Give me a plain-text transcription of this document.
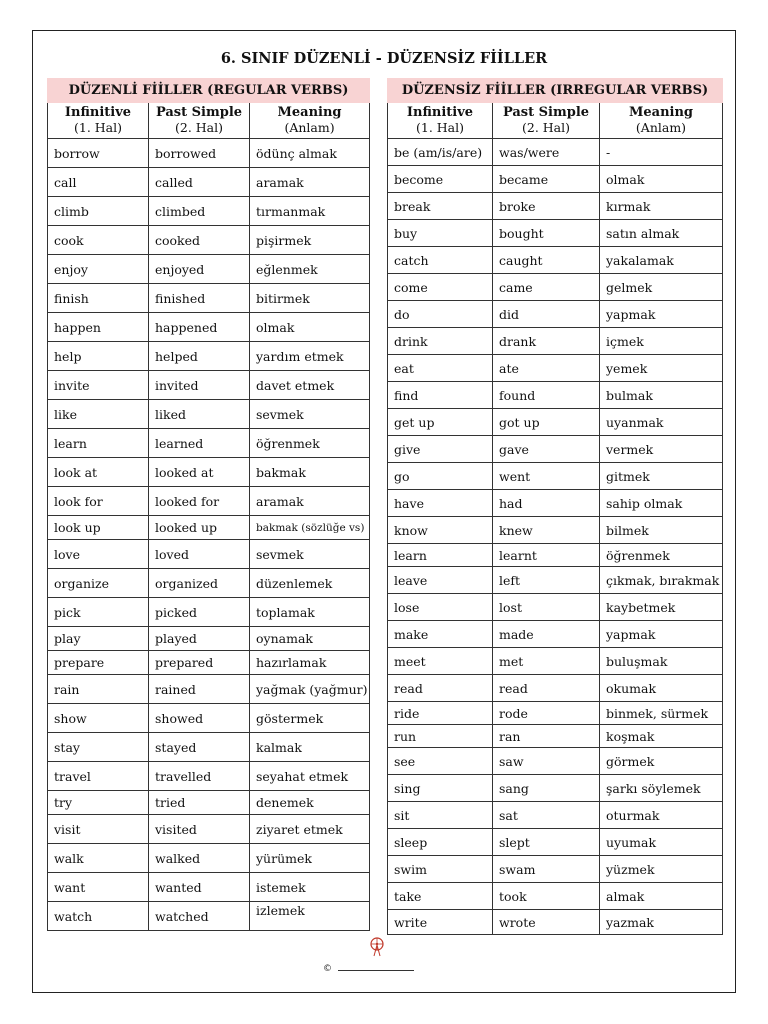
6. SINIF DÜZENLİ - DÜZENSİZ FİİLLER
DÜZENLİ FİİLLER (REGULAR VERBS)		

Infinitive
(1. Hal)	Past Simple
(2. Hal)	Meaning
(Anlam)

borrow	borrowed	ödünç almak
call	called	aramak
climb	climbed	tırmanmak
cook	cooked	pişirmek
enjoy	enjoyed	eğlenmek
finish	finished	bitirmek
happen	happened	olmak
help	helped	yardım etmek
invite	invited	davet etmek
like	liked	sevmek
learn	learned	öğrenmek
look at	looked at	bakmak
look for	looked for	aramak
look up	looked up	bakmak (sözlüğe vs)
love	loved	sevmek
organize	organized	düzenlemek
pick	picked	toplamak
play	played	oynamak
prepare	prepared	hazırlamak
rain	rained	yağmak (yağmur)
show	showed	göstermek
stay	stayed	kalmak
travel	travelled	seyahat etmek
try	tried	denemek
visit	visited	ziyaret etmek
walk	walked	yürümek
want	wanted	istemek
watch	watched	izlemek
DÜZENSİZ FİİLLER (IRREGULAR VERBS)		

Infinitive
(1. Hal)	Past Simple
(2. Hal)	Meaning
(Anlam)

be (am/is/are)	was/were	-
become	became	olmak
break	broke	kırmak
buy	bought	satın almak
catch	caught	yakalamak
come	came	gelmek
do	did	yapmak
drink	drank	içmek
eat	ate	yemek
find	found	bulmak
get up	got up	uyanmak
give	gave	vermek
go	went	gitmek
have	had	sahip olmak
know	knew	bilmek
learn	learnt	öğrenmek
leave	left	çıkmak, bırakmak
lose	lost	kaybetmek
make	made	yapmak
meet	met	buluşmak
read	read	okumak
ride	rode	binmek, sürmek
run	ran	koşmak
see	saw	görmek
sing	sang	şarkı söylemek
sit	sat	oturmak
sleep	slept	uyumak
swim	swam	yüzmek
take	took	almak
write	wrote	yazmak
©
